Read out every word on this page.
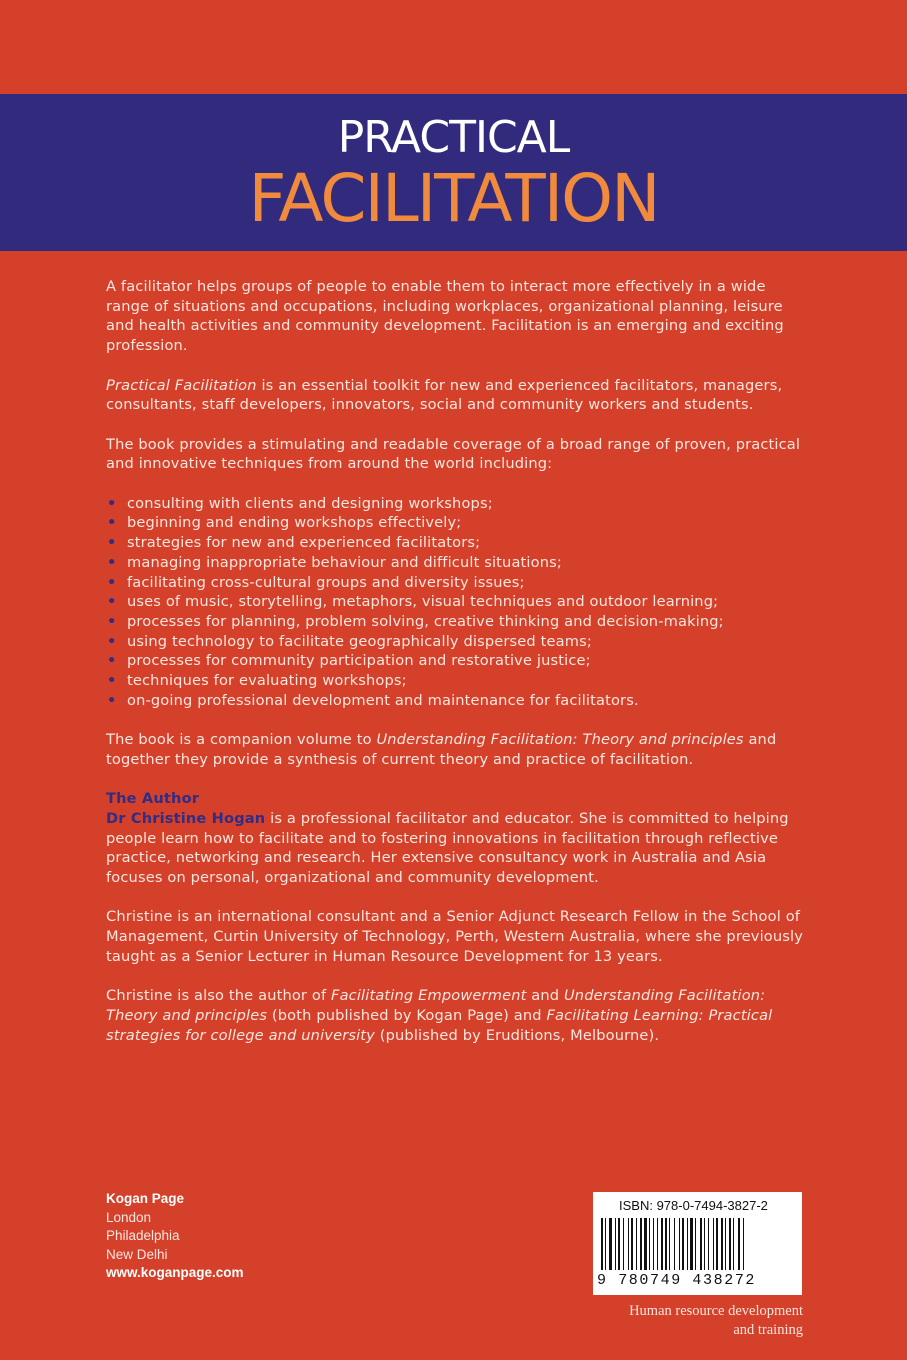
PRACTICAL
FACILITATION

A facilitator helps groups of people to enable them to interact more effectively in a wide range of situations and occupations, including workplaces, organizational planning, leisure and health activities and community development. Facilitation is an emerging and exciting profession.

Practical Facilitation is an essential toolkit for new and experienced facilitators, managers, consultants, staff developers, innovators, social and community workers and students.

The book provides a stimulating and readable coverage of a broad range of proven, practical and innovative techniques from around the world including:

• consulting with clients and designing workshops;
• beginning and ending workshops effectively;
• strategies for new and experienced facilitators;
• managing inappropriate behaviour and difficult situations;
• facilitating cross-cultural groups and diversity issues;
• uses of music, storytelling, metaphors, visual techniques and outdoor learning;
• processes for planning, problem solving, creative thinking and decision-making;
• using technology to facilitate geographically dispersed teams;
• processes for community participation and restorative justice;
• techniques for evaluating workshops;
• on-going professional development and maintenance for facilitators.

The book is a companion volume to Understanding Facilitation: Theory and principles and together they provide a synthesis of current theory and practice of facilitation.

The Author
Dr Christine Hogan is a professional facilitator and educator. She is committed to helping people learn how to facilitate and to fostering innovations in facilitation through reflective practice, networking and research. Her extensive consultancy work in Australia and Asia focuses on personal, organizational and community development.

Christine is an international consultant and a Senior Adjunct Research Fellow in the School of Management, Curtin University of Technology, Perth, Western Australia, where she previously taught as a Senior Lecturer in Human Resource Development for 13 years.

Christine is also the author of Facilitating Empowerment and Understanding Facilitation: Theory and principles (both published by Kogan Page) and Facilitating Learning: Practical strategies for college and university (published by Eruditions, Melbourne).

Kogan Page
London
Philadelphia
New Delhi
www.koganpage.com
ISBN: 978-0-7494-3827-2
9 780749 438272
Human resource development
and training
